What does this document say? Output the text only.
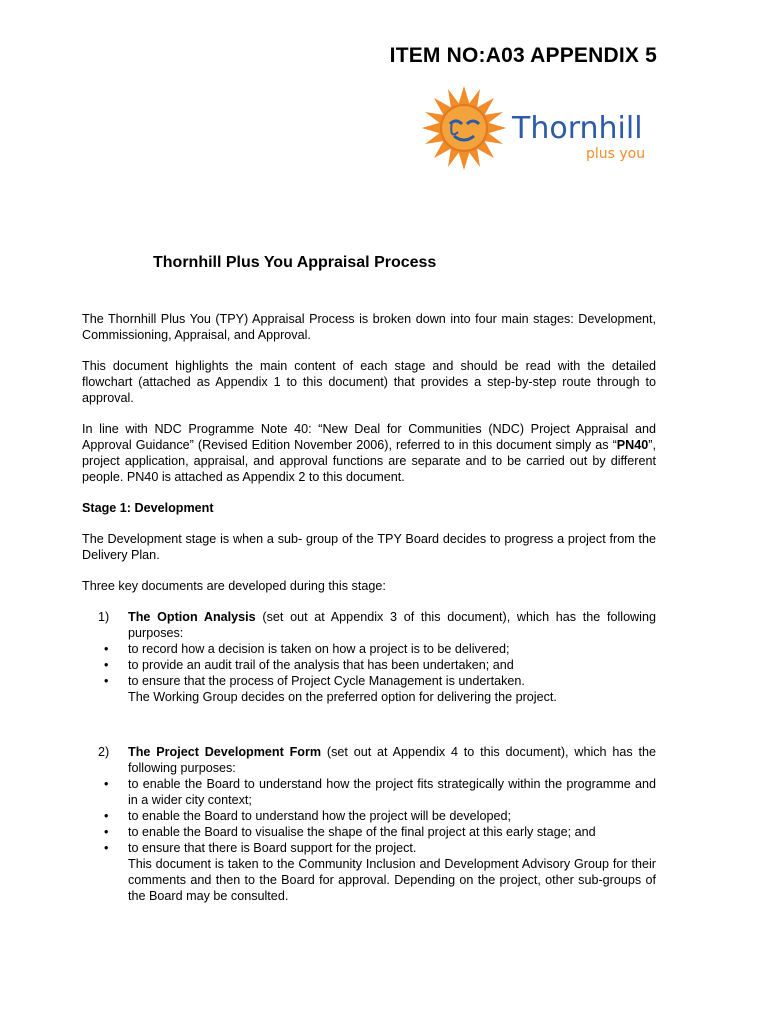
ITEM NO:A03 APPENDIX 5
Thornhill
plus you
Thornhill Plus You Appraisal Process

The Thornhill Plus You (TPY) Appraisal Process is broken down into four main stages: Development, Commissioning, Appraisal, and Approval.

This document highlights the main content of each stage and should be read with the detailed flowchart (attached as Appendix 1 to this document) that provides a step-by-step route through to approval.

In line with NDC Programme Note 40: “New Deal for Communities (NDC) Project Appraisal and Approval Guidance” (Revised Edition November 2006), referred to in this document simply as “PN40”, project application, appraisal, and approval functions are separate and to be carried out by different people. PN40 is attached as Appendix 2 to this document.

Stage 1: Development

The Development stage is when a sub- group of the TPY Board decides to progress a project from the Delivery Plan.

Three key documents are developed during this stage:

1) The Option Analysis (set out at Appendix 3 of this document), which has the following purposes:
• to record how a decision is taken on how a project is to be delivered;
• to provide an audit trail of the analysis that has been undertaken; and
• to ensure that the process of Project Cycle Management is undertaken.

The Working Group decides on the preferred option for delivering the project.

2) The Project Development Form (set out at Appendix 4 to this document), which has the following purposes:
• to enable the Board to understand how the project fits strategically within the programme and in a wider city context;
• to enable the Board to understand how the project will be developed;
• to enable the Board to visualise the shape of the final project at this early stage; and
• to ensure that there is Board support for the project.

This document is taken to the Community Inclusion and Development Advisory Group for their comments and then to the Board for approval. Depending on the project, other sub-groups of the Board may be consulted.
